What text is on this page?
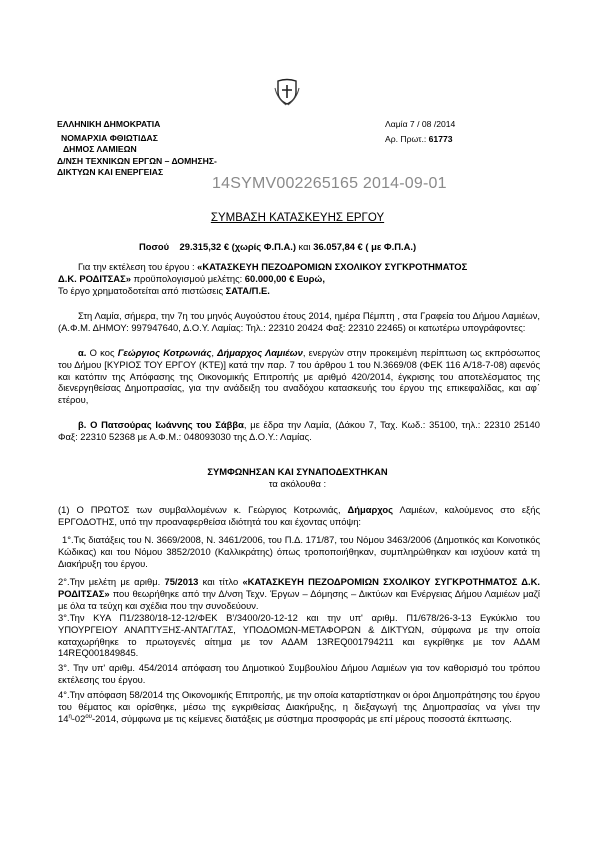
ΕΛΛΗΝΙΚΗ ΔΗΜΟΚΡΑΤΙΑ
ΝΟΜΑΡΧΙΑ ΦΘΙΩΤΙΔΑΣ
ΔΗΜΟΣ ΛΑΜΙΕΩΝ
Δ/ΝΣΗ ΤΕΧΝΙΚΩΝ ΕΡΓΩΝ – ΔΟΜΗΣΗΣ-
ΔΙΚΤΥΩΝ ΚΑΙ ΕΝΕΡΓΕΙΑΣ
Λαμία 7 / 08 /2014
Αρ. Πρωτ.: 61773
14SYMV002265165 2014-09-01
ΣΥΜΒΑΣΗ ΚΑΤΑΣΚΕΥΗΣ ΕΡΓΟΥ
Ποσού 29.315,32 € (χωρίς Φ.Π.Α.) και 36.057,84 € ( με Φ.Π.Α.)
Για την εκτέλεση του έργου : «ΚΑΤΑΣΚΕΥΗ ΠΕΖΟΔΡΟΜΙΩΝ ΣΧΟΛΙΚΟΥ ΣΥΓΚΡΟΤΗΜΑΤΟΣ
Δ.Κ. ΡΟΔΙΤΣΑΣ» προϋπολογισμού μελέτης: 60.000,00 € Ευρώ,
Το έργο χρηματοδοτείται από πιστώσεις ΣΑΤΑ/Π.Ε.
Στη Λαμία, σήμερα, την 7η του μηνός Αυγούστου έτους 2014, ημέρα Πέμπτη , στα Γραφεία του Δήμου Λαμιέων, (Α.Φ.Μ. ΔΗΜΟΥ: 997947640, Δ.Ο.Υ. Λαμίας: Τηλ.: 22310 20424 Φαξ: 22310 22465) οι κατωτέρω υπογράφοντες:
α. Ο κος Γεώργιος Κοτρωνιάς, Δήμαρχος Λαμιέων, ενεργών στην προκειμένη περίπτωση ως εκπρόσωπος του Δήμου [ΚΥΡΙΟΣ ΤΟΥ ΕΡΓΟΥ (ΚΤΕ)] κατά την παρ. 7 του άρθρου 1 του Ν.3669/08 (ΦΕΚ 116 Α/18-7-08) αφενός και κατόπιν της Απόφασης της Οικονομικής Επιτροπής με αριθμό 420/2014, έγκρισης του αποτελέσματος της διενεργηθείσας Δημοπρασίας, για την ανάδειξη του αναδόχου κατασκευής του έργου της επικεφαλίδας, και αφ΄ ετέρου,
β. Ο Πατσούρας Ιωάννης του Σάββα, με έδρα την Λαμία, (Δάκου 7, Ταχ. Κωδ.: 35100, τηλ.: 22310 25140 Φαξ: 22310 52368 με Α.Φ.Μ.: 048093030 της Δ.Ο.Υ.: Λαμίας.
ΣΥΜΦΩΝΗΣΑΝ ΚΑΙ ΣΥΝΑΠΟΔΕΧΤΗΚΑΝ
τα ακόλουθα :
(1) Ο ΠΡΩΤΟΣ των συμβαλλομένων κ. Γεώργιος Κοτρωνιάς, Δήμαρχος Λαμιέων, καλούμενος στο εξής ΕΡΓΟΔΟΤΗΣ, υπό την προαναφερθείσα ιδιότητά του και έχοντας υπόψη:
1°.Τις διατάξεις του Ν. 3669/2008, Ν. 3461/2006, του Π.Δ. 171/87, του Νόμου 3463/2006 (Δημοτικός και Κοινοτικός Κώδικας) και του Νόμου 3852/2010 (Καλλικράτης) όπως τροποποιήθηκαν, συμπληρώθηκαν και ισχύουν κατά τη Διακήρυξη του έργου.
2°.Την μελέτη με αριθμ. 75/2013 και τίτλο «ΚΑΤΑΣΚΕΥΗ ΠΕΖΟΔΡΟΜΙΩΝ ΣΧΟΛΙΚΟΥ ΣΥΓΚΡΟΤΗΜΑΤΟΣ Δ.Κ. ΡΟΔΙΤΣΑΣ» που θεωρήθηκε από την Δ/νση Τεχν. Έργων – Δόμησης – Δικτύων και Ενέργειας Δήμου Λαμιέων μαζί με όλα τα τεύχη και σχέδια που την συνοδεύουν.
3°.Την ΚΥΑ Π1/2380/18-12-12/ΦΕΚ Β'/3400/20-12-12 και την υπ' αριθμ. Π1/678/26-3-13 Εγκύκλιο του ΥΠΟΥΡΓΕΙΟΥ ΑΝΑΠΤΥΞΗΣ-ΑΝΤΑΓ/ΤΑΣ, ΥΠΟΔΟΜΩΝ-ΜΕΤΑΦΟΡΩΝ & ΔΙΚΤΥΩΝ, σύμφωνα με την οποία καταχωρήθηκε το πρωτογενές αίτημα με τον ΑΔΑΜ 13REQ001794211 και εγκρίθηκε με τον ΑΔΑΜ 14REQ001849845.
3°. Την υπ' αριθμ. 454/2014 απόφαση του Δημοτικού Συμβουλίου Δήμου Λαμιέων για τον καθορισμό του τρόπου εκτέλεσης του έργου.
4°.Την απόφαση 58/2014 της Οικονομικής Επιτροπής, με την οποία καταρτίστηκαν οι όροι Δημοπράτησης του έργου του θέματος και ορίσθηκε, μέσω της εγκριθείσας Διακήρυξης, η διεξαγωγή της Δημοπρασίας να γίνει την $14^\eta-02^{o\upsilon}-2014$, σύμφωνα με τις κείμενες διατάξεις με σύστημα προσφοράς με επί μέρους ποσοστά έκπτωσης.
